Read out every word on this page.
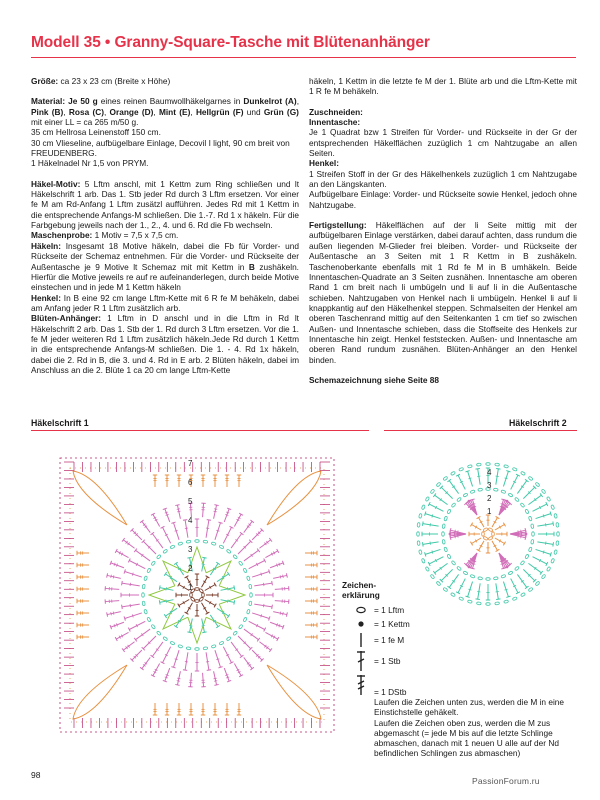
Modell 35 • Granny-Square-Tasche mit Blütenanhänger

Größe: ca 23 x 23 cm (Breite x Höhe)

Material: Je 50 g eines reinen Baumwollhäkelgarnes in Dunkelrot (A), Pink (B), Rosa (C), Orange (D), Mint (E), Hellgrün (F) und Grün (G) mit einer LL = ca 265 m/50 g.

35 cm Hellrosa Leinenstoff 150 cm.

30 cm Vlieseline, aufbügelbare Einlage, Decovil I light, 90 cm breit von FREUDENBERG.

1 Häkelnadel Nr 1,5 von PRYM.

Häkel-Motiv: 5 Lftm anschl, mit 1 Kettm zum Ring schließen und lt Häkelschrift 1 arb. Das 1. Stb jeder Rd durch 3 Lftm ersetzen. Vor einer fe M am Rd-Anfang 1 Lftm zusätzl aufführen. Jedes Rd mit 1 Kettm in die entsprechende Anfangs-M schließen. Die 1.-7. Rd 1 x häkeln. Für die Farbgebung jeweils nach der 1., 2., 4. und 6. Rd die Fb wechseln.

Maschenprobe: 1 Motiv = 7,5 x 7,5 cm.

Häkeln: Insgesamt 18 Motive häkeln, dabei die Fb für Vorder- und Rückseite der Schemaz entnehmen. Für die Vorder- und Rückseite der Außentasche je 9 Motive lt Schemaz mit mit Kettm in B zushäkeln. Hierfür die Motive jeweils re auf re aufeinanderlegen, durch beide Motive einstechen und in jede M 1 Kettm häkeln

Henkel: In B eine 92 cm lange Lftm-Kette mit 6 R fe M behäkeln, dabei am Anfang jeder R 1 Lftm zusätzlich arb.

Blüten-Anhänger: 1 Lftm in D anschl und in die Lftm in Rd lt Häkelschrift 2 arb. Das 1. Stb der 1. Rd durch 3 Lftm ersetzen. Vor die 1. fe M jeder weiteren Rd 1 Lftm zusätzlich häkeln.Jede Rd durch 1 Kettm in die entsprechende Anfangs-M schließen. Die 1. - 4. Rd 1x häkeln, dabei die 2. Rd in B, die 3. und 4. Rd in E arb. 2 Blüten häkeln, dabei im Anschluss an die 2. Blüte 1 ca 20 cm lange Lftm-Kette

häkeln, 1 Kettm in die letzte fe M der 1. Blüte arb und die Lftm-Kette mit 1 R fe M behäkeln.

Zuschneiden:

Innentasche:

Je 1 Quadrat bzw 1 Streifen für Vorder- und Rückseite in der Gr der entsprechenden Häkelflächen zuzüglich 1 cm Nahtzugabe an allen Seiten.

Henkel:

1 Streifen Stoff in der Gr des Häkelhenkels zuzüglich 1 cm Nahtzugabe an den Längskanten.

Aufbügelbare Einlage: Vorder- und Rückseite sowie Henkel, jedoch ohne Nahtzugabe.

Fertigstellung: Häkelflächen auf der li Seite mittig mit der aufbügelbaren Einlage verstärken, dabei darauf achten, dass rundum die außen liegenden M-Glieder frei bleiben. Vorder- und Rückseite der Außentasche an 3 Seiten mit 1 R Kettm in B zushäkeln. Taschenoberkante ebenfalls mit 1 Rd fe M in B umhäkeln. Beide Innentaschen-Quadrate an 3 Seiten zusnähen. Innentasche am oberen Rand 1 cm breit nach li umbügeln und li auf li in die Außentasche schieben. Nahtzugaben von Henkel nach li umbügeln. Henkel li auf li knappkantig auf den Häkelhenkel steppen. Schmalseiten der Henkel am oberen Taschenrand mittig auf den Seitenkanten 1 cm tief so zwischen Außen- und Innentasche schieben, dass die Stoffseite des Henkels zur Innentasche hin zeigt. Henkel feststecken. Außen- und Innentasche am oberen Rand rundum zusnähen. Blüten-Anhänger an den Henkel binden.

Schemazeichnung siehe Seite 88

Häkelschrift 1	Häkelschrift 2
7
6
5
4
3
2
1
4
3
2
1
Zeichen-
erklärung
= 1 Lftm
= 1 Kettm
= 1 fe M
= 1 Stb
= 1 DStb

Laufen die Zeichen unten zus, werden die M in eine Einstichstelle gehäkelt.

Laufen die Zeichen oben zus, werden die M zus abgemascht (= jede M bis auf die letzte Schlinge abmaschen, danach mit 1 neuen U alle auf der Nd befindlichen Schlingen zus abmaschen)

98
PassionForum.ru
